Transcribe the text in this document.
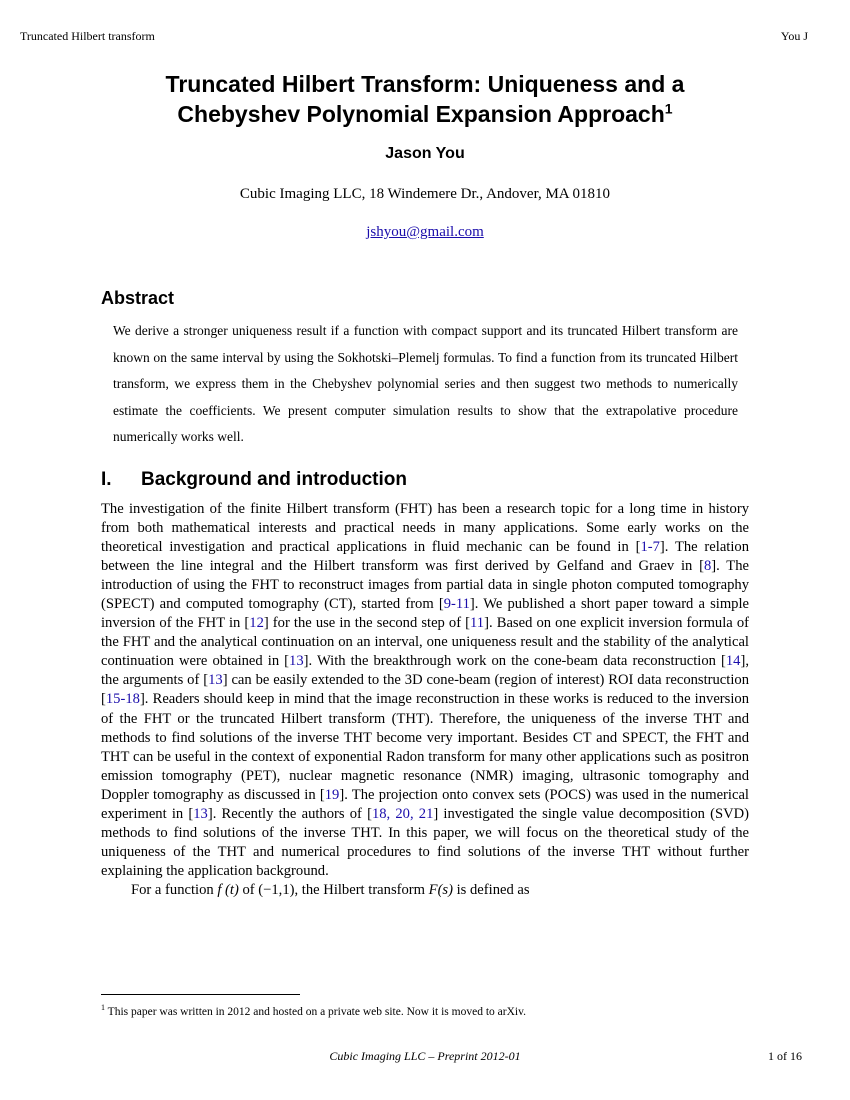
Truncated Hilbert transform	You J
Truncated Hilbert Transform: Uniqueness and a
Chebyshev Polynomial Expansion Approach$^1$
Jason You
Cubic Imaging LLC, 18 Windemere Dr., Andover, MA 01810
jshyou@gmail.com
Abstract
We derive a stronger uniqueness result if a function with compact support and its truncated Hilbert transform are known on the same interval by using the Sokhotski–Plemelj formulas. To find a function from its truncated Hilbert transform, we express them in the Chebyshev polynomial series and then suggest two methods to numerically estimate the coefficients. We present computer simulation results to show that the extrapolative procedure numerically works well.
I. Background and introduction

The investigation of the finite Hilbert transform (FHT) has been a research topic for a long time in history from both mathematical interests and practical needs in many applications. Some early works on the theoretical investigation and practical applications in fluid mechanic can be found in [1-7]. The relation between the line integral and the Hilbert transform was first derived by Gelfand and Graev in [8]. The introduction of using the FHT to reconstruct images from partial data in single photon computed tomography (SPECT) and computed tomography (CT), started from [9-11]. We published a short paper toward a simple inversion of the FHT in [12] for the use in the second step of [11]. Based on one explicit inversion formula of the FHT and the analytical continuation on an interval, one uniqueness result and the stability of the analytical continuation were obtained in [13]. With the breakthrough work on the cone-beam data reconstruction [14], the arguments of [13] can be easily extended to the 3D cone-beam (region of interest) ROI data reconstruction [15-18]. Readers should keep in mind that the image reconstruction in these works is reduced to the inversion of the FHT or the truncated Hilbert transform (THT). Therefore, the uniqueness of the inverse THT and methods to find solutions of the inverse THT become very important. Besides CT and SPECT, the FHT and THT can be useful in the context of exponential Radon transform for many other applications such as positron emission tomography (PET), nuclear magnetic resonance (NMR) imaging, ultrasonic tomography and Doppler tomography as discussed in [19]. The projection onto convex sets (POCS) was used in the numerical experiment in [13]. Recently the authors of [18, 20, 21] investigated the single value decomposition (SVD) methods to find solutions of the inverse THT. In this paper, we will focus on the theoretical study of the uniqueness of the THT and numerical procedures to find solutions of the inverse THT without further explaining the application background.

For a function f (t) of (−1,1), the Hilbert transform F(s) is defined as

$^1$ This paper was written in 2012 and hosted on a private web site. Now it is moved to arXiv.
Cubic Imaging LLC – Preprint 2012-01	1 of 16
